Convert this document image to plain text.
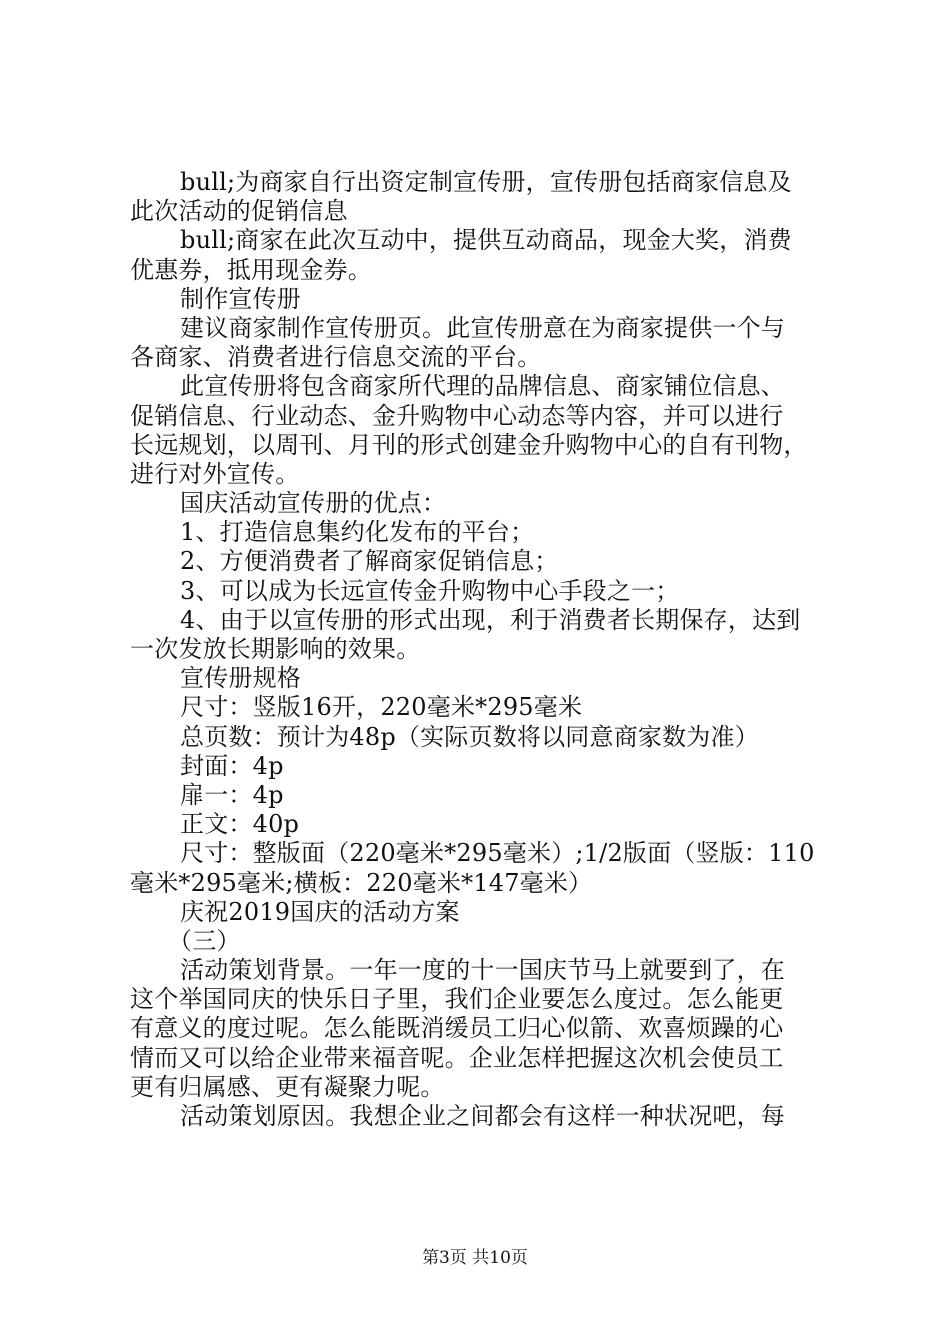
bull;为商家自行出资定制宣传册，宣传册包括商家信息及
此次活动的促销信息
bull;商家在此次互动中，提供互动商品，现金大奖，消费
优惠券，抵用现金券。
制作宣传册
建议商家制作宣传册页。此宣传册意在为商家提供一个与
各商家、消费者进行信息交流的平台。
此宣传册将包含商家所代理的品牌信息、商家铺位信息、
促销信息、行业动态、金升购物中心动态等内容，并可以进行
长远规划，以周刊、月刊的形式创建金升购物中心的自有刊物，
进行对外宣传。
国庆活动宣传册的优点：
1、打造信息集约化发布的平台；
2、方便消费者了解商家促销信息；
3、可以成为长远宣传金升购物中心手段之一；
4、由于以宣传册的形式出现，利于消费者长期保存，达到
一次发放长期影响的效果。
宣传册规格
尺寸：竖版16开，220毫米*295毫米
总页数：预计为48p（实际页数将以同意商家数为准）
封面：4p
扉一：4p
正文：40p
尺寸：整版面（220毫米*295毫米）;1/2版面（竖版：110
毫米*295毫米;横板：220毫米*147毫米）
庆祝2019国庆的活动方案
（三）
活动策划背景。一年一度的十一国庆节马上就要到了，在
这个举国同庆的快乐日子里，我们企业要怎么度过。怎么能更
有意义的度过呢。怎么能既消缓员工归心似箭、欢喜烦躁的心
情而又可以给企业带来福音呢。企业怎样把握这次机会使员工
更有归属感、更有凝聚力呢。
活动策划原因。我想企业之间都会有这样一种状况吧，每
第3页 共10页
